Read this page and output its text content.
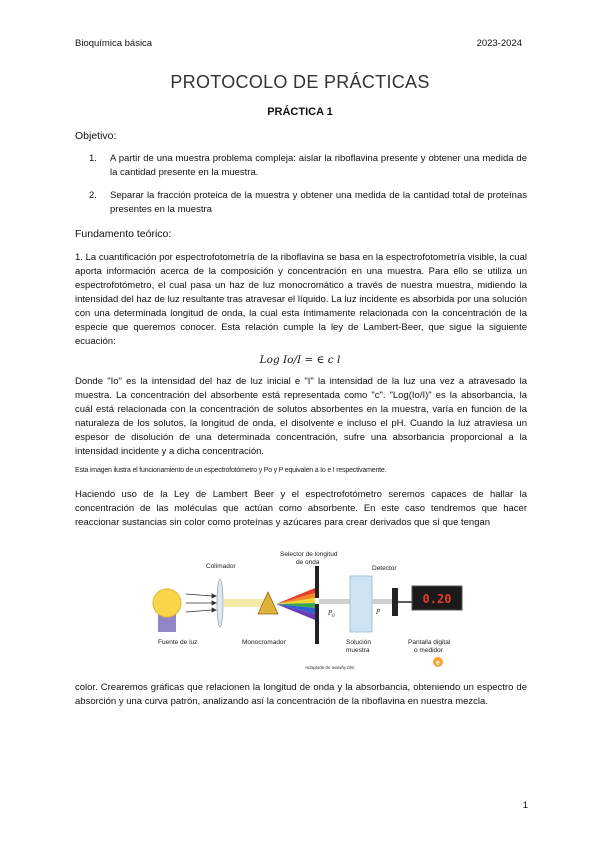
Bioquímica básica	2023-2024
PROTOCOLO DE PRÁCTICAS
PRÁCTICA 1
Objetivo:
1. A partir de una muestra problema compleja: aislar la riboflavina presente y obtener una medida de la cantidad presente en la muestra.
2. Separar la fracción proteica de la muestra y obtener una medida de la cantidad total de proteínas presentes en la muestra
Fundamento teórico:
1. La cuantificación por espectrofotometría de la riboflavina se basa en la espectrofotometría visible, la cual aporta información acerca de la composición y concentración en una muestra. Para ello se utiliza un espectrofotómetro, el cual pasa un haz de luz monocromático a través de nuestra muestra, midiendo la intensidad del haz de luz resultante tras atravesar el líquido. La luz incidente es absorbida por una solución con una determinada longitud de onda, la cual esta íntimamente relacionada con la concentración de la especie que queremos conocer. Esta relación cumple la ley de Lambert-Beer, que sigue la siguiente ecuación:
Log Io/I = ∈ c l
Donde "Io" es la intensidad del haz de luz inicial e "I" la intensidad de la luz una vez a atravesado la muestra. La concentración del absorbente está representada como "c". "Log(Io/I)" es la absorbancia, la cuál está relacionada con la concentración de solutos absorbentes en la muestra, varía en función de la naturaleza de los solutos, la longitud de onda, el disolvente e incluso el pH. Cuando la luz atraviesa un espesor de disolución de una determinada concentración, sufre una absorbancia proporcional a la intensidad incidente y a dicha concentración.
Esta imagen ilustra el funcionamiento de un espectrofotómetro y Po y P equivalen a Io e I respectivamente.
Haciendo uso de la Ley de Lambert Beer y el espectrofotómetro seremos capaces de hallar la concentración de las moléculas que actúan como absorbente. En este caso tendremos que hacer reaccionar sustancias sin color como proteínas y azúcares para crear derivados que sí que tengan
0.20
Fuente de luz
Colimador
Monocromador
Selector de longitud
de onda
$P_0$
P
Solución
muestra
Detector
Pantalla digital
o medidor
Adaptado de wwwhy.blm
e
color. Crearemos gráficas que relacionen la longitud de onda y la absorbancia, obteniendo un espectro de absorción y una curva patrón, analizando así la concentración de la riboflavina en nuestra mezcla.
1
